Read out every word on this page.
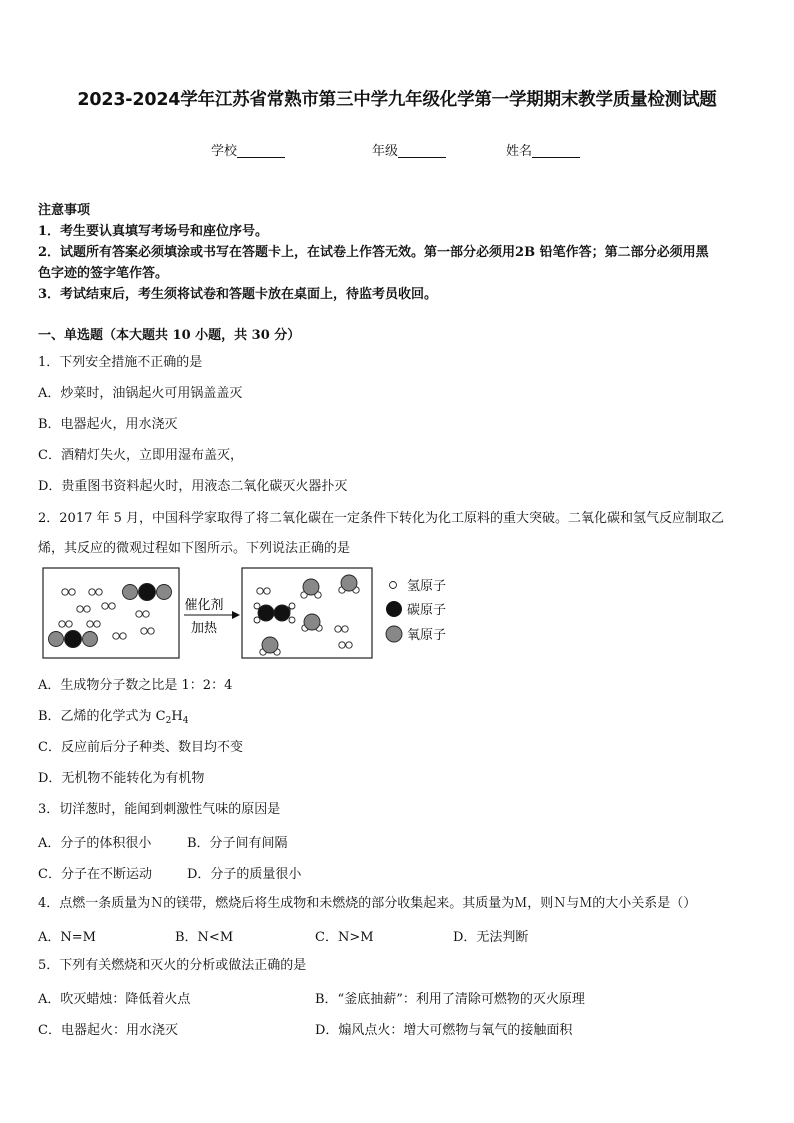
2023-2024学年江苏省常熟市第三中学九年级化学第一学期期末教学质量检测试题
学校	年级	姓名
注意事项
1．考生要认真填写考场号和座位序号。
2．试题所有答案必须填涂或书写在答题卡上，在试卷上作答无效。第一部分必须用2B 铅笔作答；第二部分必须用黑
色字迹的签字笔作答。
3．考试结束后，考生须将试卷和答题卡放在桌面上，待监考员收回。
一、单选题（本大题共 10 小题，共 30 分）
1．下列安全措施不正确的是
A．炒菜时，油锅起火可用锅盖盖灭
B．电器起火，用水浇灭
C．酒精灯失火，立即用湿布盖灭，
D．贵重图书资料起火时，用液态二氧化碳灭火器扑灭
2．2017 年 5 月，中国科学家取得了将二氧化碳在一定条件下转化为化工原料的重大突破。二氧化碳和氢气反应制取乙
烯，其反应的微观过程如下图所示。下列说法正确的是
催化剂
加热
氢原子
碳原子
氧原子
A．生成物分子数之比是 1：2：4
B．乙烯的化学式为 $C_2H_4$
C．反应前后分子种类、数目均不变
D．无机物不能转化为有机物
3．切洋葱时，能闻到刺激性气味的原因是
A．分子的体积很小	B．分子间有间隔
C．分子在不断运动	D．分子的质量很小
4．点燃一条质量为Ｎ的镁带，燃烧后将生成物和未燃烧的部分收集起来。其质量为Ｍ，则Ｎ与Ｍ的大小关系是（）
A．N=M	B．N<M	C．N>M	D．无法判断
5．下列有关燃烧和灭火的分析或做法正确的是
A．吹灭蜡烛：降低着火点	B．“釜底抽薪”：利用了清除可燃物的灭火原理
C．电器起火：用水浇灭	D．煽风点火：增大可燃物与氧气的接触面积
